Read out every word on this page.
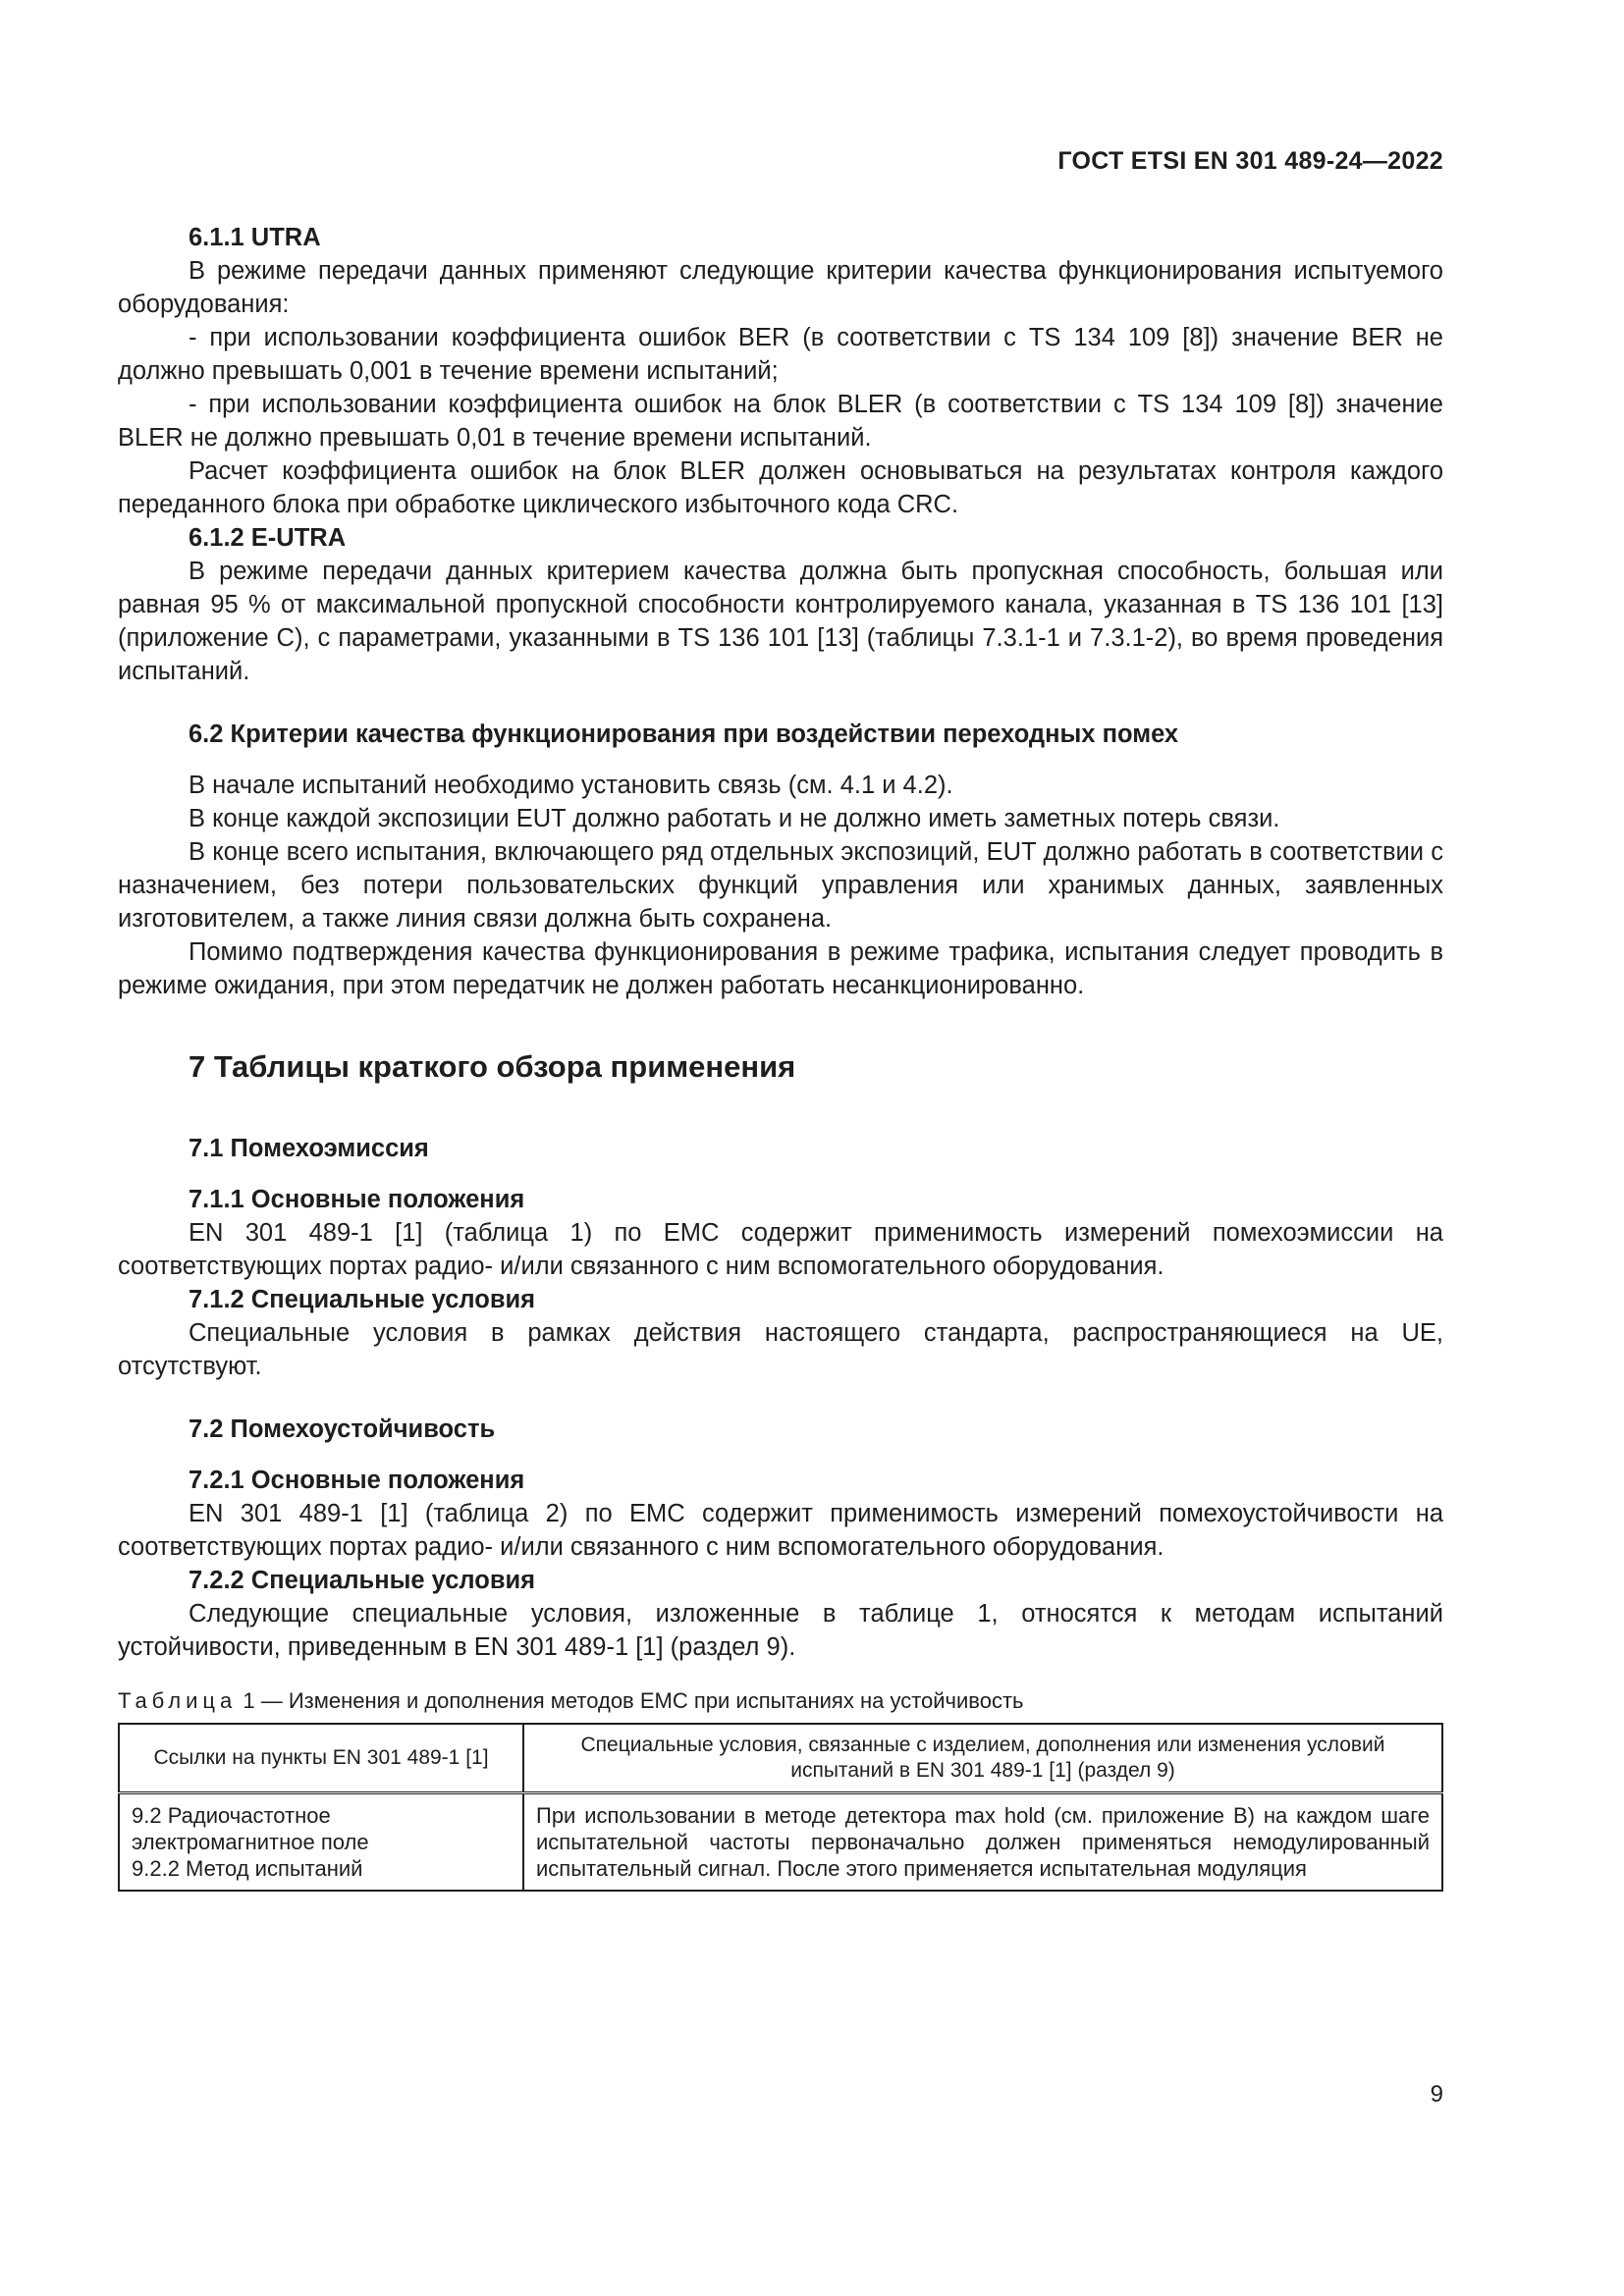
ГОСТ ETSI EN 301 489-24—2022

6.1.1 UTRA

В режиме передачи данных применяют следующие критерии качества функционирования испытуемого оборудования:

- при использовании коэффициента ошибок BER (в соответствии с TS 134 109 [8]) значение BER не должно превышать 0,001 в течение времени испытаний;

- при использовании коэффициента ошибок на блок BLER (в соответствии с TS 134 109 [8]) значение BLER не должно превышать 0,01 в течение времени испытаний.

Расчет коэффициента ошибок на блок BLER должен основываться на результатах контроля каждого переданного блока при обработке циклического избыточного кода CRC.

6.1.2 E-UTRA

В режиме передачи данных критерием качества должна быть пропускная способность, большая или равная 95 % от максимальной пропускной способности контролируемого канала, указанная в TS 136 101 [13] (приложение С), с параметрами, указанными в TS 136 101 [13] (таблицы 7.3.1-1 и 7.3.1-2), во время проведения испытаний.

6.2 Критерии качества функционирования при воздействии переходных помех

В начале испытаний необходимо установить связь (см. 4.1 и 4.2).

В конце каждой экспозиции EUT должно работать и не должно иметь заметных потерь связи.

В конце всего испытания, включающего ряд отдельных экспозиций, EUT должно работать в соответствии с назначением, без потери пользовательских функций управления или хранимых данных, заявленных изготовителем, а также линия связи должна быть сохранена.

Помимо подтверждения качества функционирования в режиме трафика, испытания следует проводить в режиме ожидания, при этом передатчик не должен работать несанкционированно.

7 Таблицы краткого обзора применения

7.1 Помехоэмиссия

7.1.1 Основные положения

EN 301 489-1 [1] (таблица 1) по ЕМС содержит применимость измерений помехоэмиссии на соответствующих портах радио- и/или связанного с ним вспомогательного оборудования.

7.1.2 Специальные условия

Специальные условия в рамках действия настоящего стандарта, распространяющиеся на UE, отсутствуют.

7.2 Помехоустойчивость

7.2.1 Основные положения

EN 301 489-1 [1] (таблица 2) по ЕМС содержит применимость измерений помехоустойчивости на соответствующих портах радио- и/или связанного с ним вспомогательного оборудования.

7.2.2 Специальные условия

Следующие специальные условия, изложенные в таблице 1, относятся к методам испытаний устойчивости, приведенным в EN 301 489-1 [1] (раздел 9).

Таблица 1 — Изменения и дополнения методов ЕМС при испытаниях на устойчивость
Ссылки на пункты EN 301 489-1 [1]	Специальные условия, связанные с изделием, дополнения или изменения условий испытаний в EN 301 489-1 [1] (раздел 9)

9.2 Радиочастотное электромагнитное поле
9.2.2 Метод испытаний	При использовании в методе детектора max hold (см. приложение В) на каждом шаге испытательной частоты первоначально должен применяться немодулированный испытательный сигнал. После этого применяется испытательная модуляция
9
